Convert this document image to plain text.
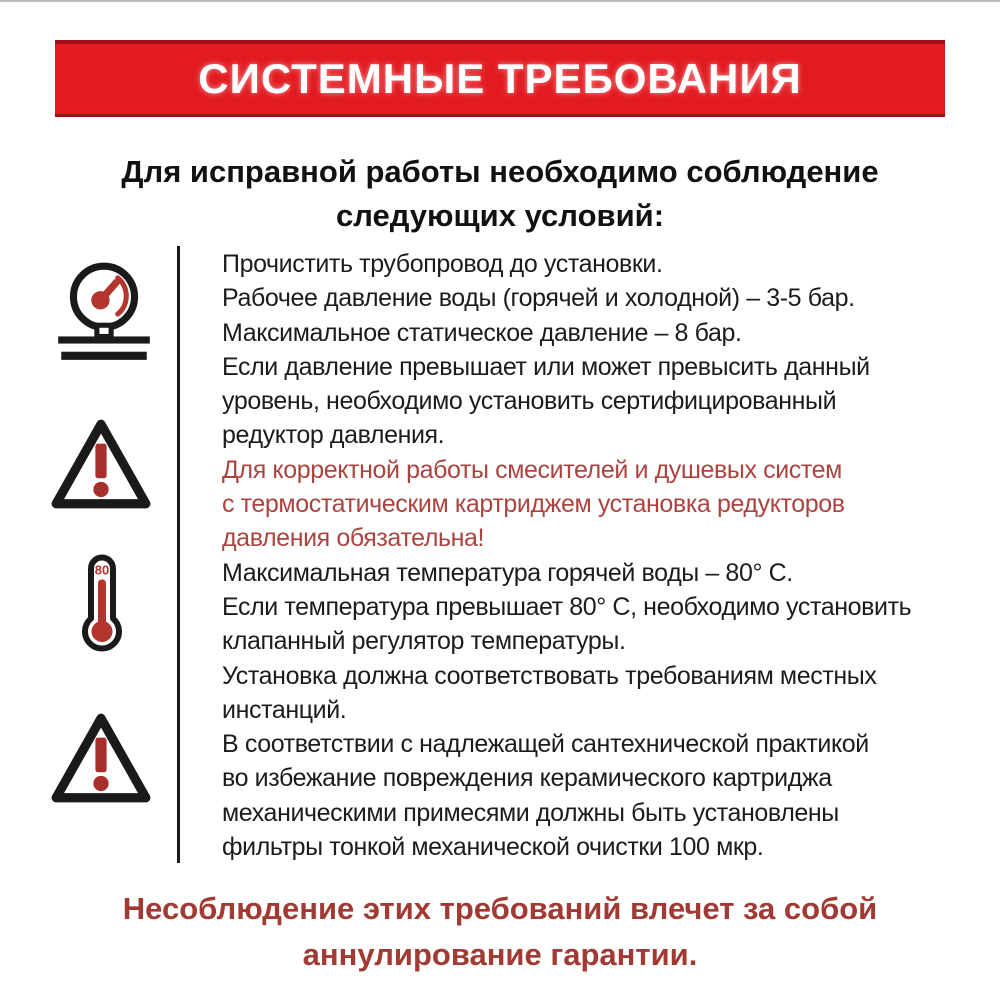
СИСТЕМНЫЕ ТРЕБОВАНИЯ
Для исправной работы необходимо соблюдение
следующих условий:
80
Прочистить трубопровод до установки.
Рабочее давление воды (горячей и холодной) – 3-5 бар.
Максимальное статическое давление – 8 бар.
Если давление превышает или может превысить данный
уровень, необходимо установить сертифицированный
редуктор давления.
Для корректной работы смесителей и душевых систем
с термостатическим картриджем установка редукторов
давления обязательна!
Максимальная температура горячей воды – 80° С.
Если температура превышает 80° С, необходимо установить
клапанный регулятор температуры.
Установка должна соответствовать требованиям местных
инстанций.
В соответствии с надлежащей сантехнической практикой
во избежание повреждения керамического картриджа
механическими примесями должны быть установлены
фильтры тонкой механической очистки 100 мкр.
Несоблюдение этих требований влечет за собой
аннулирование гарантии.
